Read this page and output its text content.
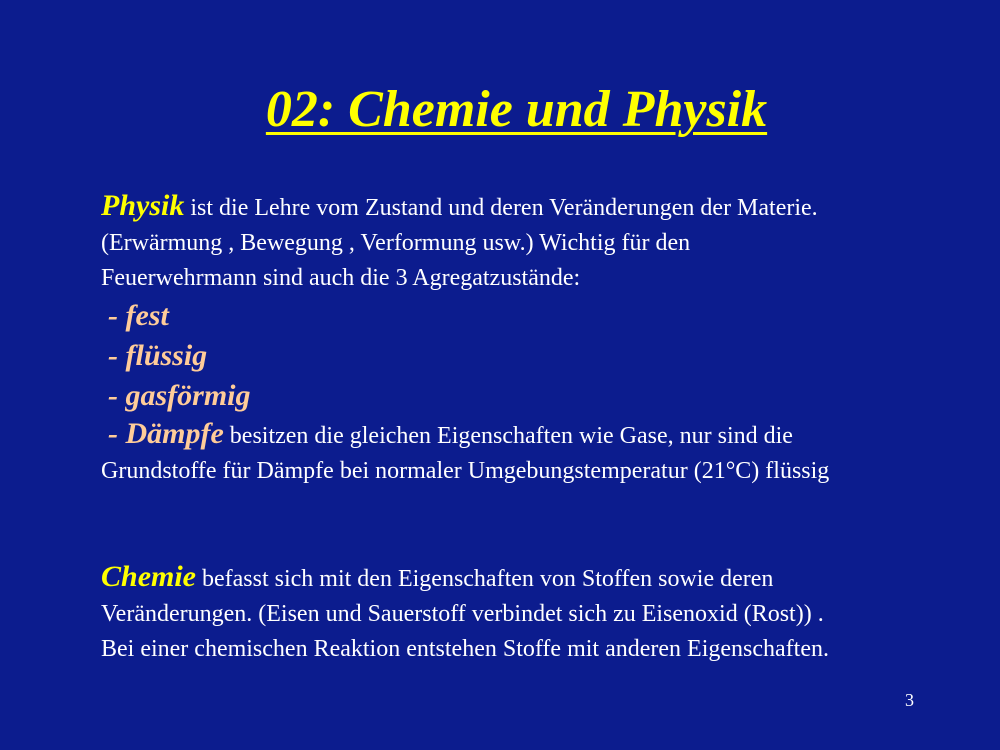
02: Chemie und Physik
Physik ist die Lehre vom Zustand und deren Veränderungen der Materie.
(Erwärmung , Bewegung , Verformung usw.) Wichtig für den
Feuerwehrmann sind auch die 3 Agregatzustände:
- fest
- flüssig
- gasförmig
- Dämpfe besitzen die gleichen Eigenschaften wie Gase, nur sind die
Grundstoffe für Dämpfe bei normaler Umgebungstemperatur (21°C) flüssig
Chemie befasst sich mit den Eigenschaften von Stoffen sowie deren
Veränderungen. (Eisen und Sauerstoff verbindet sich zu Eisenoxid (Rost)) .
Bei einer chemischen Reaktion entstehen Stoffe mit anderen Eigenschaften.
3
